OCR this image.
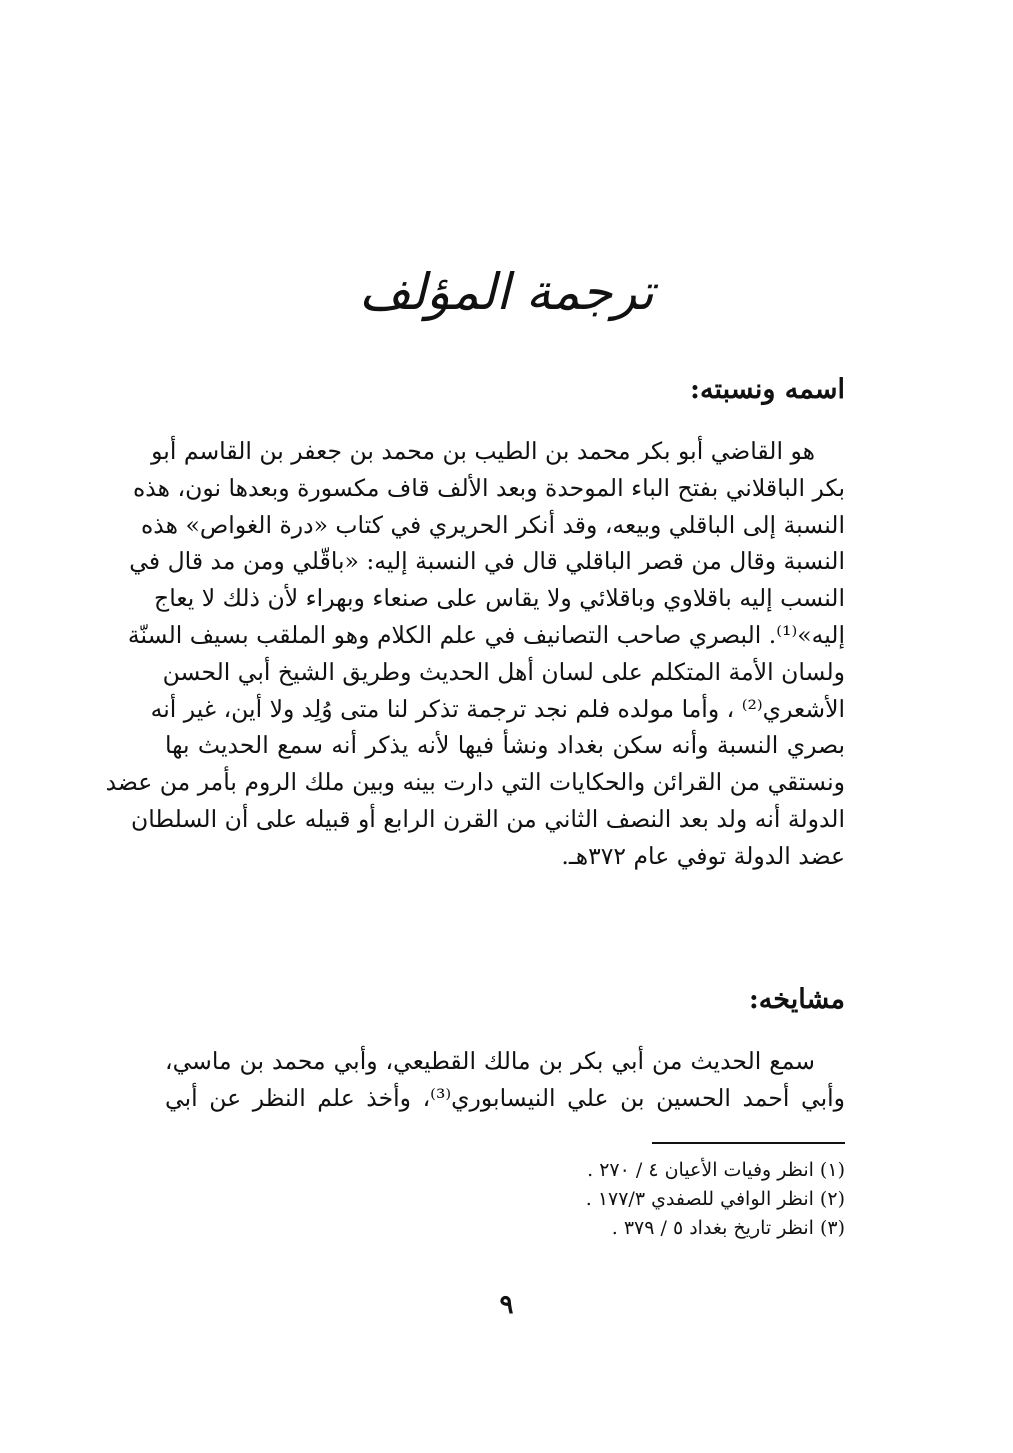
ترجمة المؤلف
اسمه ونسبته:
هو القاضي أبو بكر محمد بن الطيب بن محمد بن جعفر بن القاسم أبو
بكر الباقلاني بفتح الباء الموحدة وبعد الألف قاف مكسورة وبعدها نون، هذه
النسبة إلى الباقلي وبيعه، وقد أنكر الحريري في كتاب «درة الغواص» هذه
النسبة وقال من قصر الباقلي قال في النسبة إليه: «باقّلي ومن مد قال في
النسب إليه باقلاوي وباقلائي ولا يقاس على صنعاء وبهراء لأن ذلك لا يعاج
إليه»⁽¹⁾. البصري صاحب التصانيف في علم الكلام وهو الملقب بسيف السنّة
ولسان الأمة المتكلم على لسان أهل الحديث وطريق الشيخ أبي الحسن
الأشعري⁽²⁾ ، وأما مولده فلم نجد ترجمة تذكر لنا متى وُلِد ولا أين، غير أنه
بصري النسبة وأنه سكن بغداد ونشأ فيها لأنه يذكر أنه سمع الحديث بها
ونستقي من القرائن والحكايات التي دارت بينه وبين ملك الروم بأمر من عضد
الدولة أنه ولد بعد النصف الثاني من القرن الرابع أو قبيله على أن السلطان
عضد الدولة توفي عام ٣٧٢هـ.
مشايخه:
سمع الحديث من أبي بكر بن مالك القطيعي، وأبي محمد بن ماسي،
وأبي أحمد الحسين بن علي النيسابوري⁽³⁾، وأخذ علم النظر عن أبي
(١) انظر وفيات الأعيان ٤ / ٢٧٠ .
(٢) انظر الوافي للصفدي ١٧٧/٣ .
(٣) انظر تاريخ بغداد ٥ / ٣٧٩ .
٩
